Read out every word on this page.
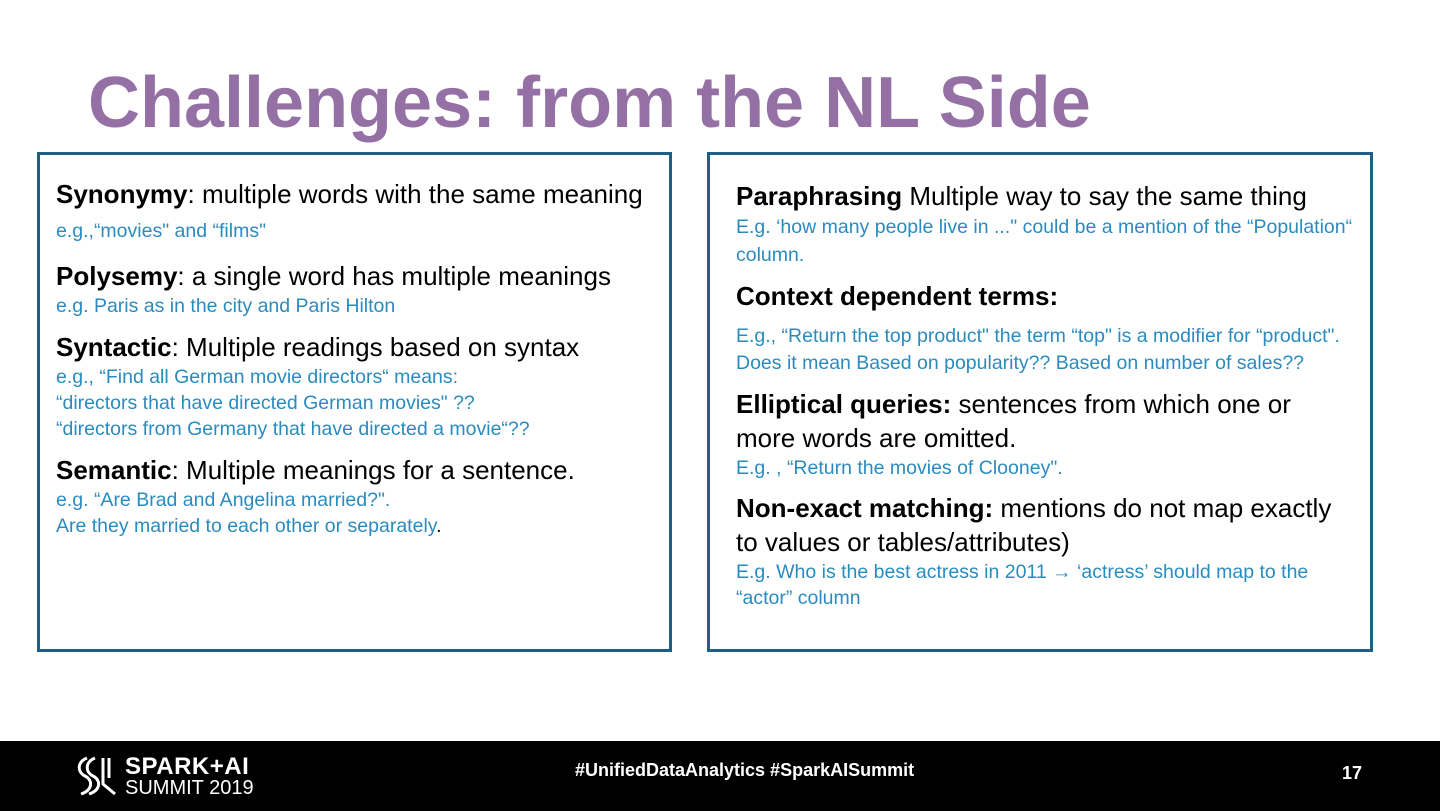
Challenges: from the NL Side
Synonymy: multiple words with the same meaning e.g.,“movies" and “films"
Polysemy: a single word has multiple meanings
e.g. Paris as in the city and Paris Hilton
Syntactic: Multiple readings based on syntax
e.g., “Find all German movie directors“ means:
“directors that have directed German movies" ??
“directors from Germany that have directed a movie“??
Semantic: Multiple meanings for a sentence.
e.g. “Are Brad and Angelina married?".
Are they married to each other or separately.
Paraphrasing Multiple way to say the same thing
E.g. ‘how many people live in ..." could be a mention of the “Population“ column.
Context dependent terms:
E.g., “Return the top product" the term “top" is a modifier for “product". Does it mean Based on popularity?? Based on number of sales??
Elliptical queries: sentences from which one or more words are omitted.
E.g. , “Return the movies of Clooney".
Non-exact matching: mentions do not map exactly to values or tables/attributes)
E.g. Who is the best actress in 2011 → ‘actress’ should map to the “actor” column
SPARK+AI
SUMMIT 2019
#UnifiedDataAnalytics #SparkAISummit	17
